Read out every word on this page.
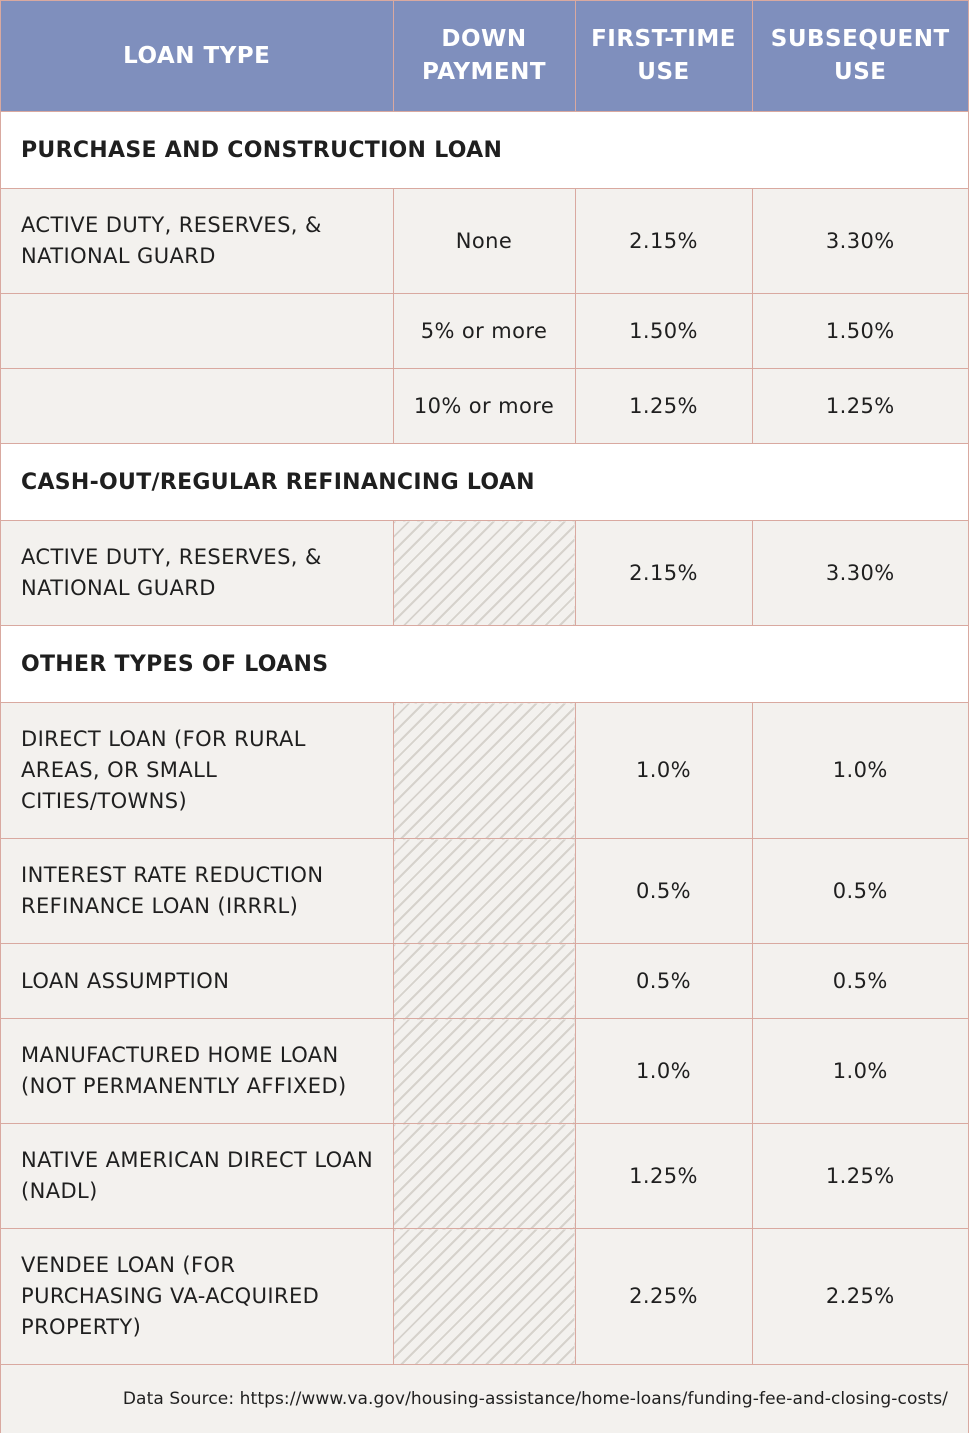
LOAN TYPE	DOWN PAYMENT	FIRST-TIME USE	SUBSEQUENT USE
PURCHASE AND CONSTRUCTION LOAN			
ACTIVE DUTY, RESERVES, & NATIONAL GUARD	None	2.15%	3.30%
	5% or more	1.50%	1.50%
	10% or more	1.25%	1.25%
CASH-OUT/REGULAR REFINANCING LOAN			
ACTIVE DUTY, RESERVES, & NATIONAL GUARD		2.15%	3.30%
OTHER TYPES OF LOANS			
DIRECT LOAN (FOR RURAL AREAS, OR SMALL CITIES/TOWNS)		1.0%	1.0%
INTEREST RATE REDUCTION REFINANCE LOAN (IRRRL)		0.5%	0.5%
LOAN ASSUMPTION		0.5%	0.5%
MANUFACTURED HOME LOAN (NOT PERMANENTLY AFFIXED)		1.0%	1.0%
NATIVE AMERICAN DIRECT LOAN (NADL)		1.25%	1.25%
VENDEE LOAN (FOR PURCHASING VA-ACQUIRED PROPERTY)		2.25%	2.25%
Data Source: https://www.va.gov/housing-assistance/home-loans/funding-fee-and-closing-costs/			
